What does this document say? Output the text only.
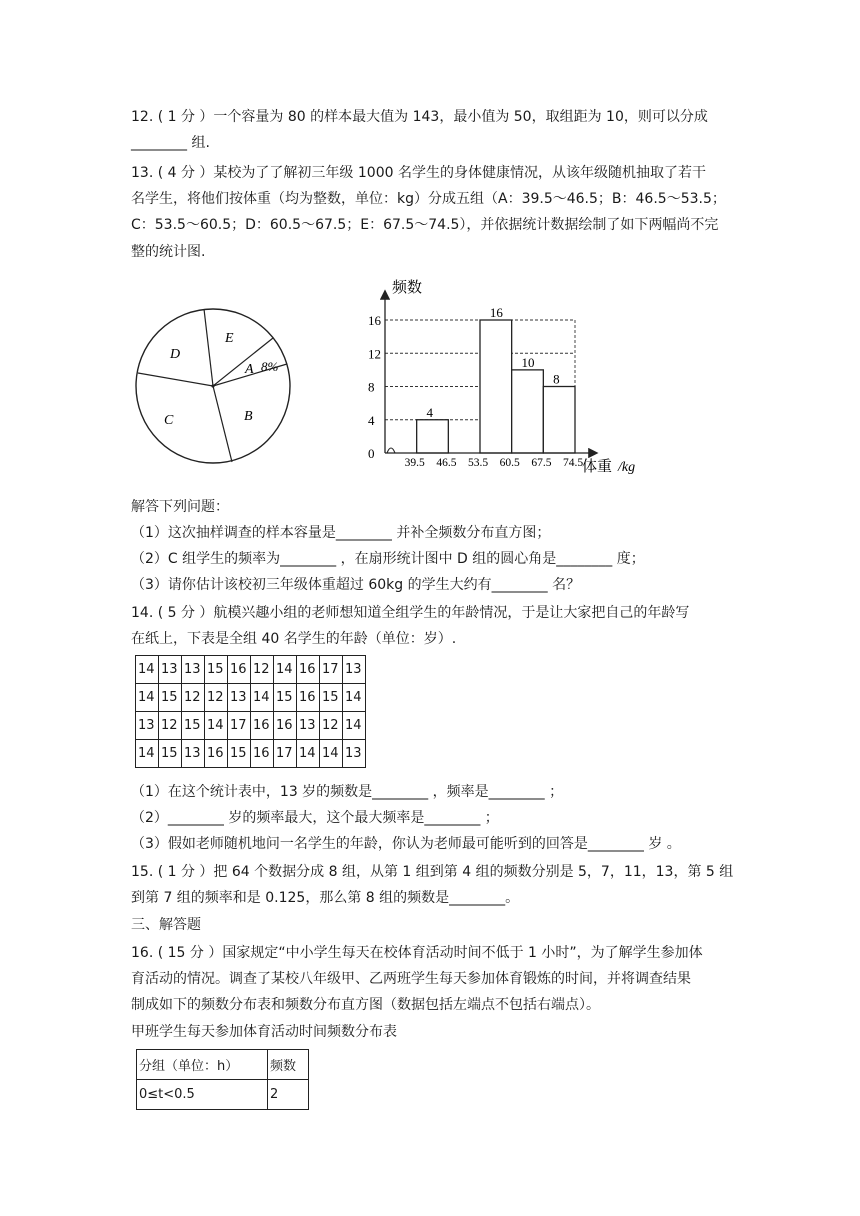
12. ( 1 分 ）一个容量为 80 的样本最大值为 143，最小值为 50，取组距为 10，则可以分成
________ 组.
13. ( 4 分 ）某校为了了解初三年级 1000 名学生的身体健康情况，从该年级随机抽取了若干
名学生，将他们按体重（均为整数，单位：kg）分成五组（A：39.5～46.5；B：46.5～53.5；
C：53.5～60.5；D：60.5～67.5；E：67.5～74.5），并依据统计数据绘制了如下两幅尚不完
整的统计图.
D
E
A 8%
B
C
0
4
8
12
16
39.5 46.5 53.5 60.5 67.5 74.5
4
16
10
8
频数
体重 /kg
解答下列问题：
（1）这次抽样调查的样本容量是________ 并补全频数分布直方图；
（2）C 组学生的频率为________ ，在扇形统计图中 D 组的圆心角是________ 度；
（3）请你估计该校初三年级体重超过 60kg 的学生大约有________ 名？
14. ( 5 分 ）航模兴趣小组的老师想知道全组学生的年龄情况，于是让大家把自己的年龄写
在纸上，下表是全组 40 名学生的年龄（单位：岁）.
14	13	13	15	16	12	14	16	17	13
14	15	12	12	13	14	15	16	15	14
13	12	15	14	17	16	16	13	12	14
14	15	13	16	15	16	17	14	14	13
（1）在这个统计表中，13 岁的频数是________ ，频率是________ ；
（2）________ 岁的频率最大，这个最大频率是________ ；
（3）假如老师随机地问一名学生的年龄，你认为老师最可能听到的回答是________ 岁 。
15. ( 1 分 ）把 64 个数据分成 8 组，从第 1 组到第 4 组的频数分别是 5，7，11，13，第 5 组
到第 7 组的频率和是 0.125，那么第 8 组的频数是________。
三、解答题
16. ( 15 分 ）国家规定“中小学生每天在校体育活动时间不低于 1 小时”，为了解学生参加体
育活动的情况。调查了某校八年级甲、乙两班学生每天参加体育锻炼的时间，并将调查结果
制成如下的频数分布表和频数分布直方图（数据包括左端点不包括右端点）。
甲班学生每天参加体育活动时间频数分布表
分组（单位：h）	频数
0≤t<0.5	2
